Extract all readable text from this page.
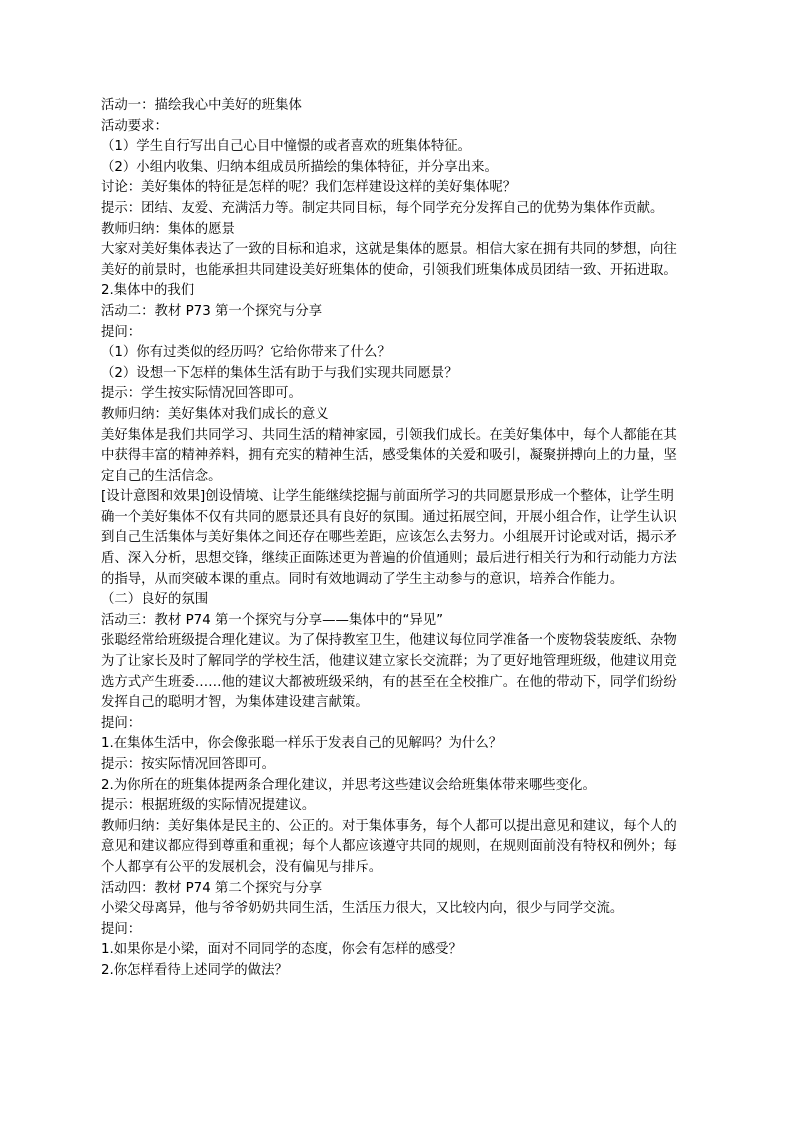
活动一：描绘我心中美好的班集体
活动要求：
（1）学生自行写出自己心目中憧憬的或者喜欢的班集体特征。
（2）小组内收集、归纳本组成员所描绘的集体特征，并分享出来。
讨论：美好集体的特征是怎样的呢？我们怎样建设这样的美好集体呢？
提示：团结、友爱、充满活力等。制定共同目标，每个同学充分发挥自己的优势为集体作贡献。
教师归纳：集体的愿景
大家对美好集体表达了一致的目标和追求，这就是集体的愿景。相信大家在拥有共同的梦想，向往
美好的前景时，也能承担共同建设美好班集体的使命，引领我们班集体成员团结一致、开拓进取。
2.集体中的我们
活动二：教材 P73 第一个探究与分享
提问：
（1）你有过类似的经历吗？它给你带来了什么？
（2）设想一下怎样的集体生活有助于与我们实现共同愿景？
提示：学生按实际情况回答即可。
教师归纳：美好集体对我们成长的意义
美好集体是我们共同学习、共同生活的精神家园，引领我们成长。在美好集体中，每个人都能在其
中获得丰富的精神养料，拥有充实的精神生活，感受集体的关爱和吸引，凝聚拼搏向上的力量，坚
定自己的生活信念。
[设计意图和效果]创设情境、让学生能继续挖掘与前面所学习的共同愿景形成一个整体，让学生明
确一个美好集体不仅有共同的愿景还具有良好的氛围。通过拓展空间，开展小组合作，让学生认识
到自己生活集体与美好集体之间还存在哪些差距，应该怎么去努力。小组展开讨论或对话，揭示矛
盾、深入分析，思想交锋，继续正面陈述更为普遍的价值通则；最后进行相关行为和行动能力方法
的指导，从而突破本课的重点。同时有效地调动了学生主动参与的意识，培养合作能力。
（二）良好的氛围
活动三：教材 P74 第一个探究与分享——集体中的“异见”
张聪经常给班级提合理化建议。为了保持教室卫生，他建议每位同学准备一个废物袋装废纸、杂物
为了让家长及时了解同学的学校生活，他建议建立家长交流群；为了更好地管理班级，他建议用竞
选方式产生班委……他的建议大都被班级采纳，有的甚至在全校推广。在他的带动下，同学们纷纷
发挥自己的聪明才智，为集体建设建言献策。
提问：
1.在集体生活中，你会像张聪一样乐于发表自己的见解吗？为什么？
提示：按实际情况回答即可。
2.为你所在的班集体提两条合理化建议，并思考这些建议会给班集体带来哪些变化。
提示：根据班级的实际情况提建议。
教师归纳：美好集体是民主的、公正的。对于集体事务，每个人都可以提出意见和建议，每个人的
意见和建议都应得到尊重和重视；每个人都应该遵守共同的规则，在规则面前没有特权和例外；每
个人都享有公平的发展机会，没有偏见与排斥。
活动四：教材 P74 第二个探究与分享
小梁父母离异，他与爷爷奶奶共同生活，生活压力很大，又比较内向，很少与同学交流。
提问：
1.如果你是小梁，面对不同同学的态度，你会有怎样的感受？
2.你怎样看待上述同学的做法？
